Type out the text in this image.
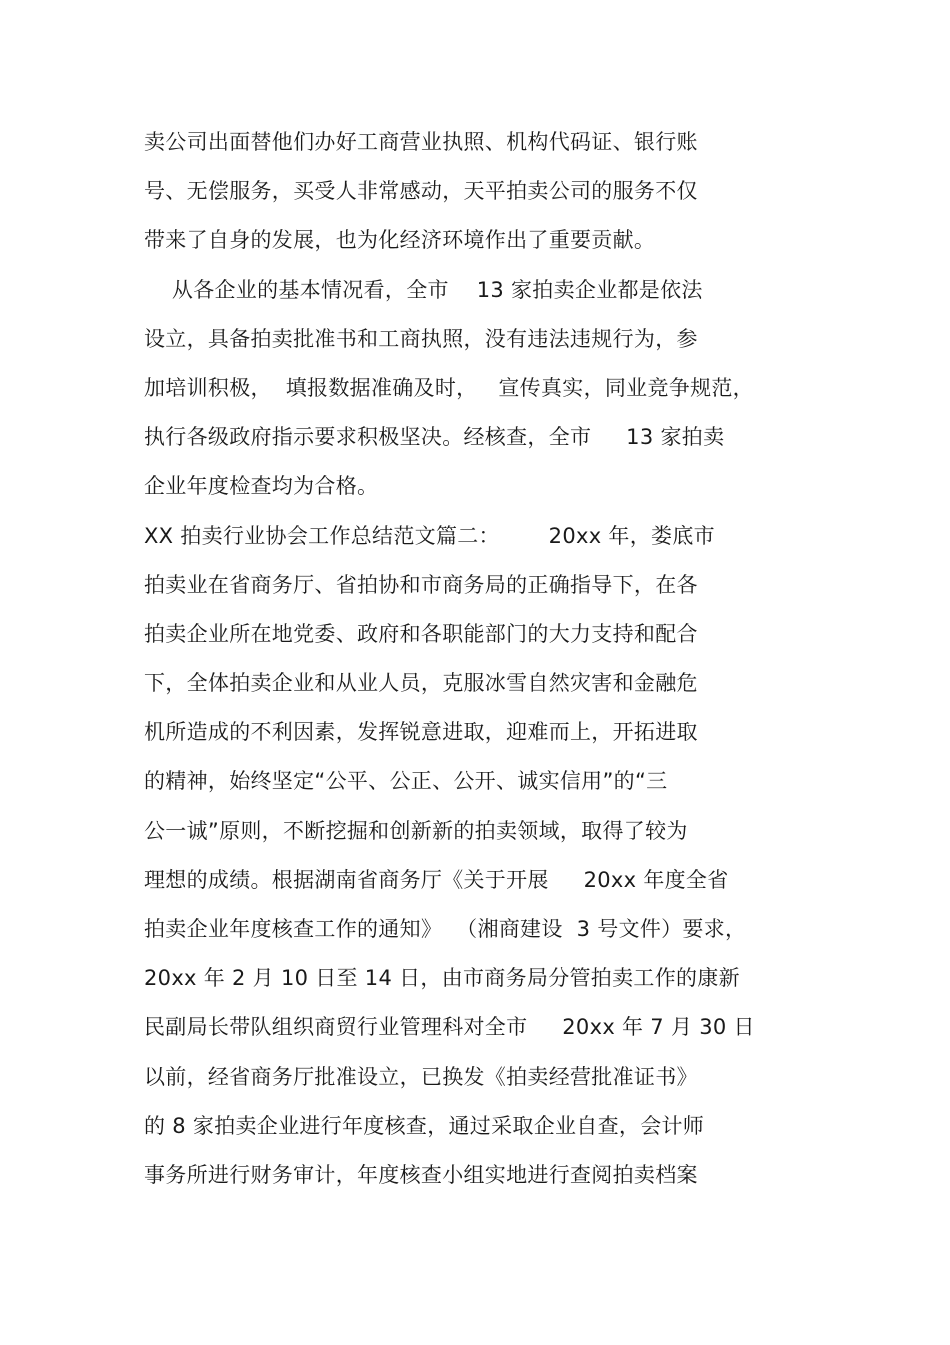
卖公司出面替他们办好工商营业执照、机构代码证、银行账
号、无偿服务，买受人非常感动，天平拍卖公司的服务不仅
带来了自身的发展，也为化经济环境作出了重要贡献。
从各企业的基本情况看，全市    13 家拍卖企业都是依法
设立，具备拍卖批准书和工商执照，没有违法违规行为，参
加培训积极，  填报数据准确及时，   宣传真实，同业竞争规范，
执行各级政府指示要求积极坚决。经核查，全市     13 家拍卖
企业年度检查均为合格。
XX 拍卖行业协会工作总结范文篇二：       20xx 年，娄底市
拍卖业在省商务厅、省拍协和市商务局的正确指导下，在各
拍卖企业所在地党委、政府和各职能部门的大力支持和配合
下，全体拍卖企业和从业人员，克服冰雪自然灾害和金融危
机所造成的不利因素，发挥锐意进取，迎难而上，开拓进取
的精神，始终坚定“公平、公正、公开、诚实信用”的“三
公一诚”原则，不断挖掘和创新新的拍卖领域，取得了较为
理想的成绩。根据湖南省商务厅《关于开展     20xx 年度全省
拍卖企业年度核查工作的通知》  （湘商建设  3 号文件）要求，
20xx 年 2 月 10 日至 14 日，由市商务局分管拍卖工作的康新
民副局长带队组织商贸行业管理科对全市     20xx 年 7 月 30 日
以前，经省商务厅批准设立，已换发《拍卖经营批准证书》
的 8 家拍卖企业进行年度核查，通过采取企业自查，会计师
事务所进行财务审计，年度核查小组实地进行查阅拍卖档案
